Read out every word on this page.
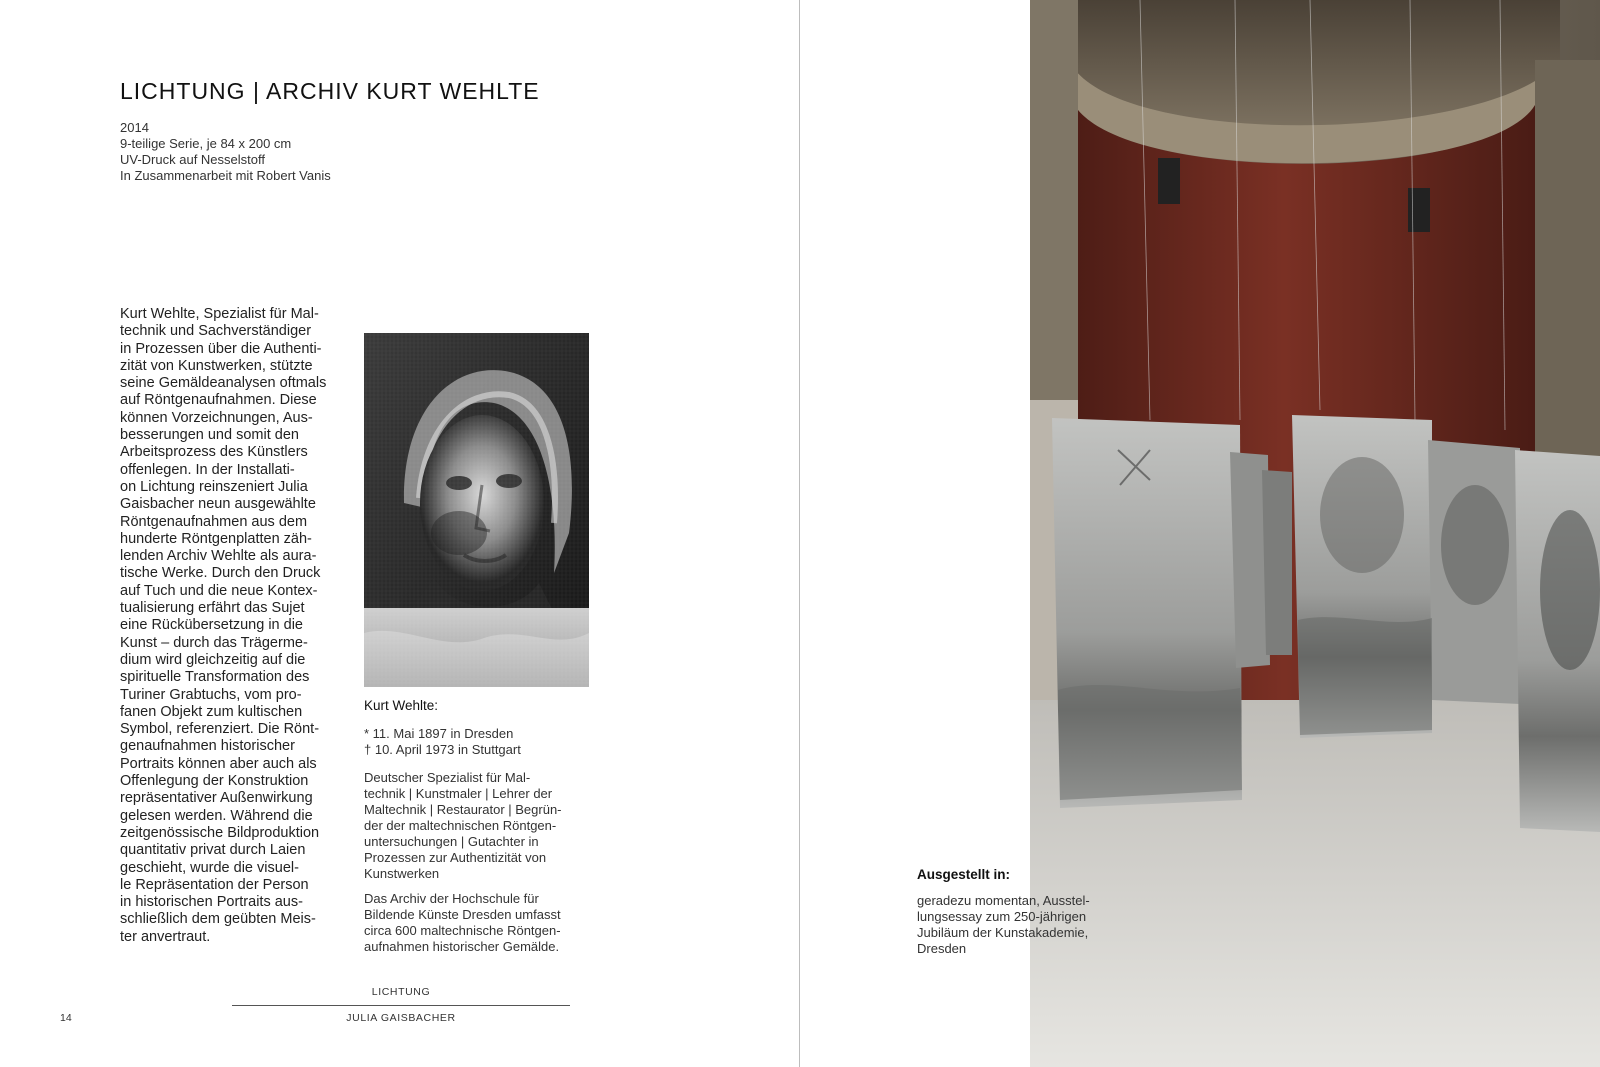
LICHTUNG | ARCHIV KURT WEHLTE
2014
9-teilige Serie, je 84 x 200 cm
UV-Druck auf Nesselstoff
In Zusammenarbeit mit Robert Vanis
Kurt Wehlte, Spezialist für Mal-
technik und Sachverständiger
in Prozessen über die Authenti-
zität von Kunstwerken, stützte
seine Gemäldeanalysen oftmals
auf Röntgenaufnahmen. Diese
können Vorzeichnungen, Aus-
besserungen und somit den
Arbeitsprozess des Künstlers
offenlegen. In der Installati-
on Lichtung reinszeniert Julia
Gaisbacher neun ausgewählte
Röntgenaufnahmen aus dem
hunderte Röntgenplatten zäh-
lenden Archiv Wehlte als aura-
tische Werke. Durch den Druck
auf Tuch und die neue Kontex-
tualisierung erfährt das Sujet
eine Rückübersetzung in die
Kunst – durch das Trägerme-
dium wird gleichzeitig auf die
spirituelle Transformation des
Turiner Grabtuchs, vom pro-
fanen Objekt zum kultischen
Symbol, referenziert. Die Rönt-
genaufnahmen historischer
Portraits können aber auch als
Offenlegung der Konstruktion
repräsentativer Außenwirkung
gelesen werden. Während die
zeitgenössische Bildproduktion
quantitativ privat durch Laien
geschieht, wurde die visuel-
le Repräsentation der Person
in historischen Portraits aus-
schließlich dem geübten Meis-
ter anvertraut.
Kurt Wehlte:
* 11. Mai 1897 in Dresden
† 10. April 1973 in Stuttgart
Deutscher Spezialist für Mal-
technik | Kunstmaler | Lehrer der
Maltechnik | Restaurator | Begrün-
der der maltechnischen Röntgen-
untersuchungen | Gutachter in
Prozessen zur Authentizität von
Kunstwerken
Das Archiv der Hochschule für
Bildende Künste Dresden umfasst
circa 600 maltechnische Röntgen-
aufnahmen historischer Gemälde.
LICHTUNG
JULIA GAISBACHER
14
Ausgestellt in:
geradezu momentan, Ausstel-
lungsessay zum 250-jährigen
Jubiläum der Kunstakademie,
Dresden
